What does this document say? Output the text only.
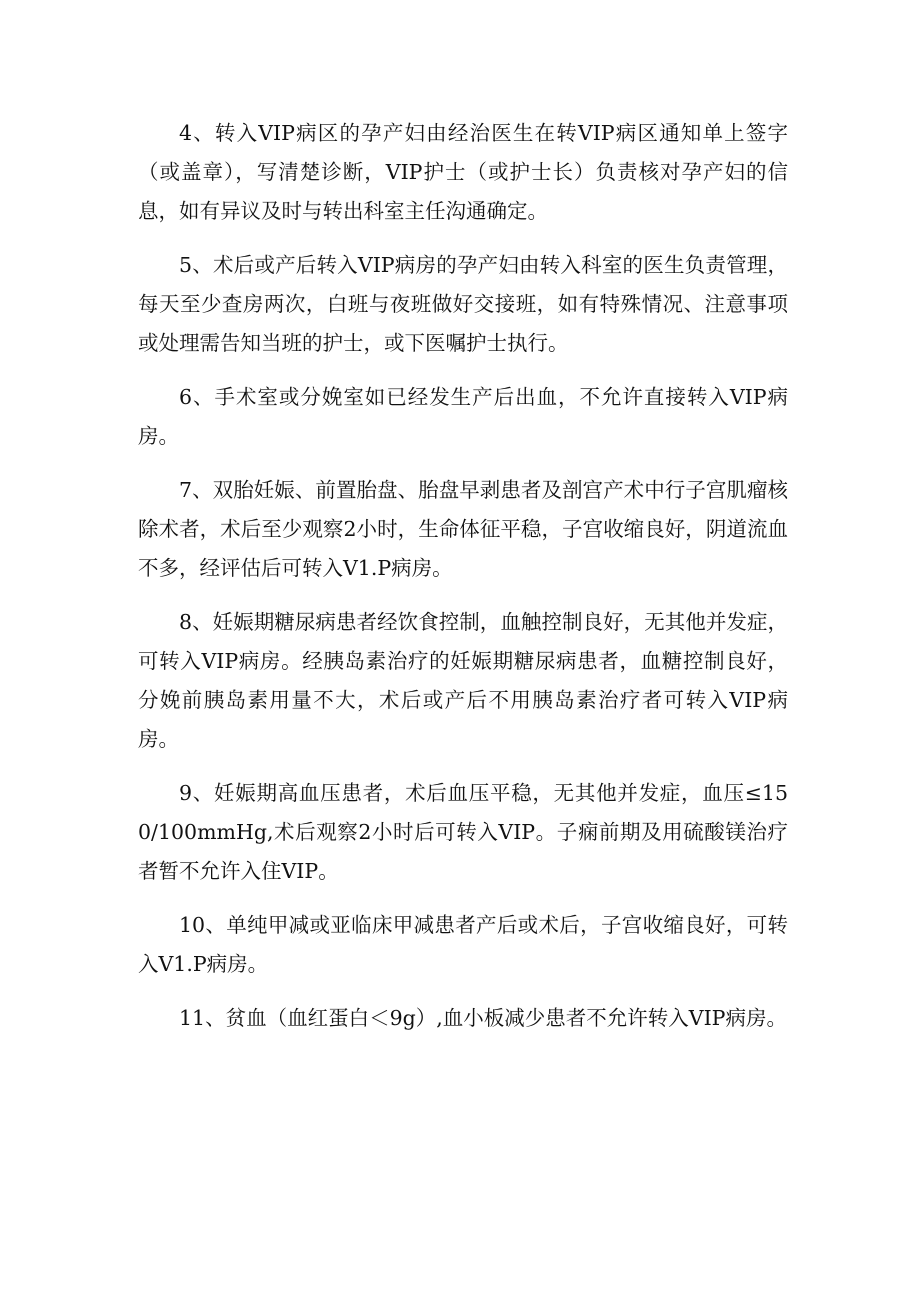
4、转入VIP病区的孕产妇由经治医生在转VIP病区通知单上签字（或盖章），写清楚诊断，VIP护士（或护士长）负责核对孕产妇的信息，如有异议及时与转出科室主任沟通确定。

5、术后或产后转入VIP病房的孕产妇由转入科室的医生负责管理，每天至少查房两次，白班与夜班做好交接班，如有特殊情况、注意事项或处理需告知当班的护士，或下医嘱护士执行。

6、手术室或分娩室如已经发生产后出血，不允许直接转入VIP病房。

7、双胎妊娠、前置胎盘、胎盘早剥患者及剖宫产术中行子宫肌瘤核除术者，术后至少观察2小时，生命体征平稳，子宫收缩良好，阴道流血不多，经评估后可转入V1.P病房。

8、妊娠期糖尿病患者经饮食控制，血触控制良好，无其他并发症，可转入VIP病房。经胰岛素治疗的妊娠期糖尿病患者，血糖控制良好，分娩前胰岛素用量不大，术后或产后不用胰岛素治疗者可转入VIP病房。

9、妊娠期高血压患者，术后血压平稳，无其他并发症，血压≤150/100mmHg,术后观察2小时后可转入VIP。子痫前期及用硫酸镁治疗者暂不允许入住VIP。

10、单纯甲减或亚临床甲减患者产后或术后，子宫收缩良好，可转入V1.P病房。

11、贫血（血红蛋白＜9g）,血小板减少患者不允许转入VIP病房。
